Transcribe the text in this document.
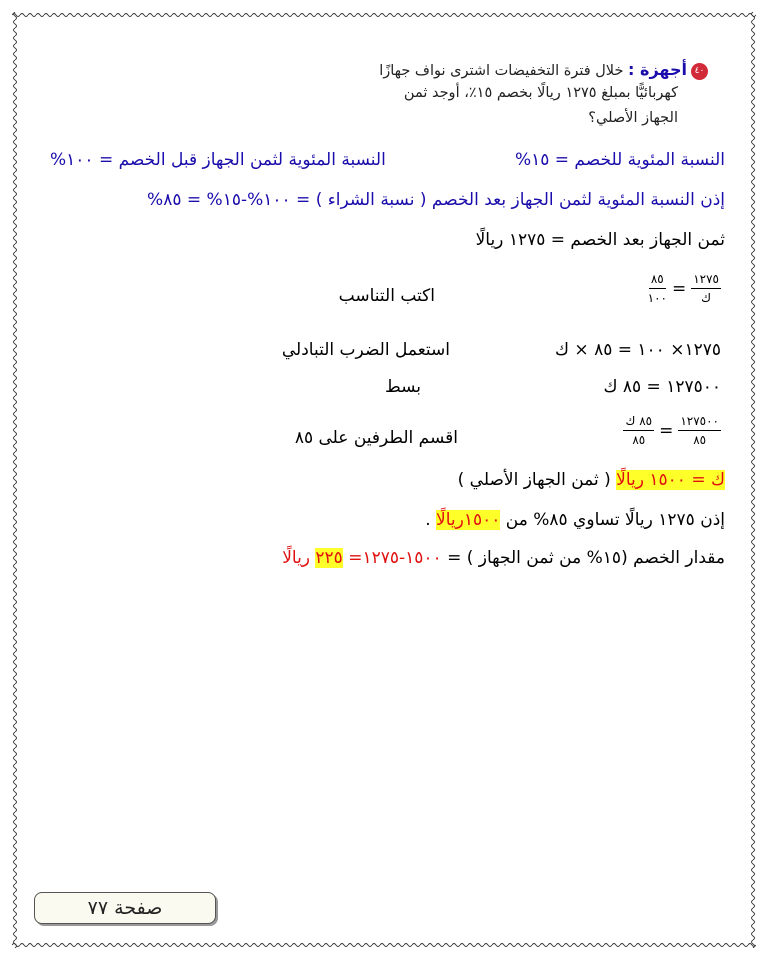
٤٠أجهزة : خلال فترة التخفيضات اشترى نواف جهازًا
كهربائيًّا بمبلغ ١٢٧٥ ريالًا بخصم ١٥٪، أوجد ثمن
الجهاز الأصلي؟
النسبة المئوية للخصم = ١٥%
النسبة المئوية لثمن الجهاز قبل الخصم = ١٠٠%
إذن النسبة المئوية لثمن الجهاز بعد الخصم ( نسبة الشراء ) = ١٠٠%-١٥% = ٨٥%
ثمن الجهاز بعد الخصم = ١٢٧٥ ريالًا
$\frac{١٢٧٥}{\text{ك}}$
=
$\frac{٨٥}{١٠٠}$
اكتب التناسب
١٢٧٥× ١٠٠ = ٨٥ × ك
استعمل الضرب التبادلي
١٢٧٥٠٠ = ٨٥ ك
بسط
$\frac{١٢٧٥٠٠}{٨٥}$
=
$\frac{\text{٨٥ ك}}{٨٥}$
اقسم الطرفين على ٨٥
ك = ١٥٠٠ ريالًا ( ثمن الجهاز الأصلي )
إذن ١٢٧٥ ريالًا تساوي ٨٥% من ١٥٠٠ريالًا .
مقدار الخصم (١٥% من ثمن الجهاز ) = ١٥٠٠-١٢٧٥= ٢٢٥ ريالًا
صفحة ٧٧
